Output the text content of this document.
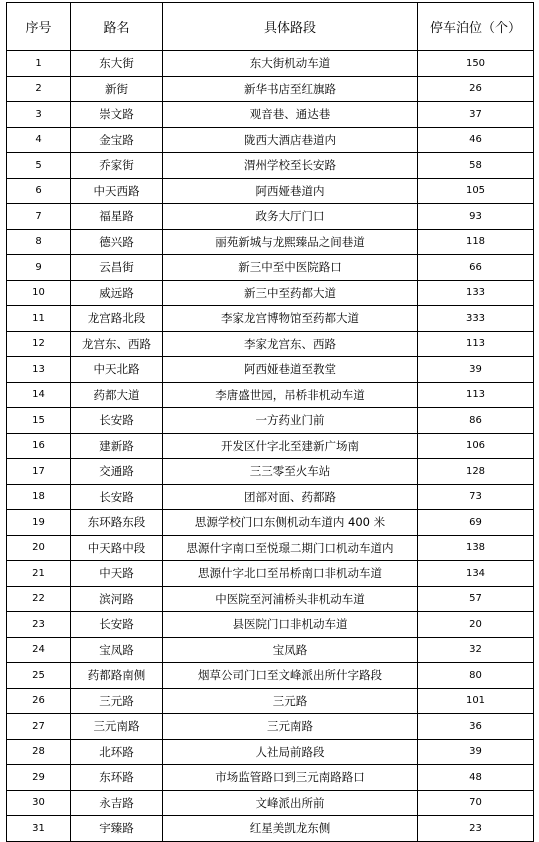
序号	路名	具体路段	停车泊位（个）
1	东大街	东大街机动车道	150
2	新街	新华书店至红旗路	26
3	崇文路	观音巷、通达巷	37
4	金宝路	陇西大酒店巷道内	46
5	乔家街	渭州学校至长安路	58
6	中天西路	阿西娅巷道内	105
7	福星路	政务大厅门口	93
8	德兴路	丽苑新城与龙熙臻品之间巷道	118
9	云昌街	新三中至中医院路口	66
10	威远路	新三中至药都大道	133
11	龙宫路北段	李家龙宫博物馆至药都大道	333
12	龙宫东、西路	李家龙宫东、西路	113
13	中天北路	阿西娅巷道至教堂	39
14	药都大道	李唐盛世园，吊桥非机动车道	113
15	长安路	一方药业门前	86
16	建新路	开发区什字北至建新广场南	106
17	交通路	三三零至火车站	128
18	长安路	团部对面、药都路	73
19	东环路东段	思源学校门口东侧机动车道内 400 米	69
20	中天路中段	思源什字南口至悦璟二期门口机动车道内	138
21	中天路	思源什字北口至吊桥南口非机动车道	134
22	滨河路	中医院至河浦桥头非机动车道	57
23	长安路	县医院门口非机动车道	20
24	宝凤路	宝凤路	32
25	药都路南侧	烟草公司门口至文峰派出所什字路段	80
26	三元路	三元路	101
27	三元南路	三元南路	36
28	北环路	人社局前路段	39
29	东环路	市场监管路口到三元南路路口	48
30	永吉路	文峰派出所前	70
31	宇臻路	红星美凯龙东侧	23
